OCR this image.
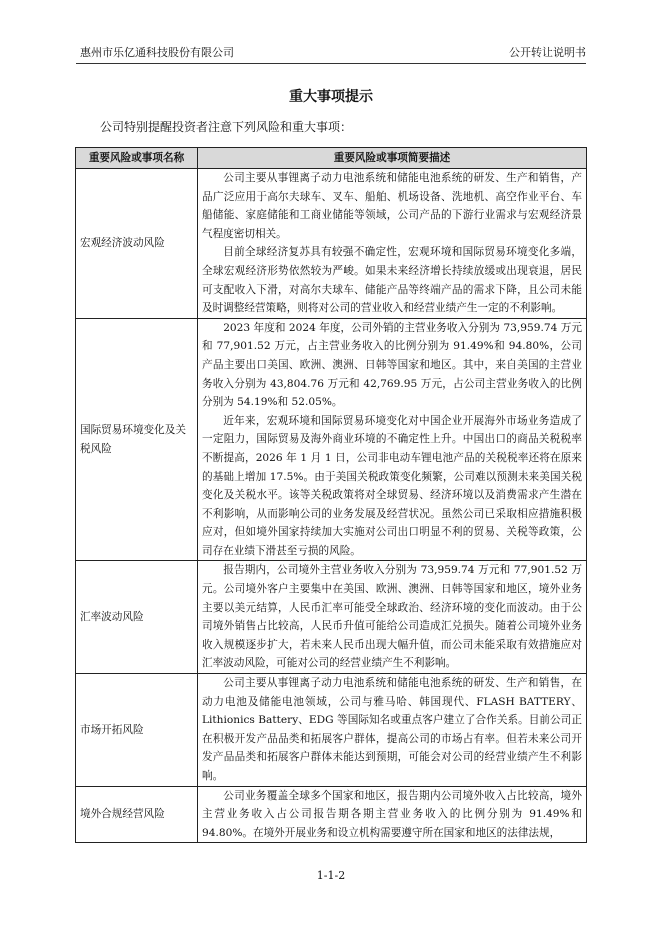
惠州市乐亿通科技股份有限公司	公开转让说明书
重大事项提示
公司特别提醒投资者注意下列风险和重大事项：
重要风险或事项名称	重要风险或事项简要描述
宏观经济波动风险	公司主要从事锂离子动力电池系统和储能电池系统的研发、生产和销售，产品广泛应用于高尔夫球车、叉车、船舶、机场设备、洗地机、高空作业平台、车船储能、家庭储能和工商业储能等领域，公司产品的下游行业需求与宏观经济景气程度密切相关。

目前全球经济复苏具有较强不确定性，宏观环境和国际贸易环境变化多端，全球宏观经济形势依然较为严峻。如果未来经济增长持续放缓或出现衰退，居民可支配收入下滑，对高尔夫球车、储能产品等终端产品的需求下降，且公司未能及时调整经营策略，则将对公司的营业收入和经营业绩产生一定的不利影响。

国际贸易环境变化及关税风险	2023 年度和 2024 年度，公司外销的主营业务收入分别为 73,959.74 万元和 77,901.52 万元，占主营业务收入的比例分别为 91.49%和 94.80%，公司产品主要出口美国、欧洲、澳洲、日韩等国家和地区。其中，来自美国的主营业务收入分别为 43,804.76 万元和 42,769.95 万元，占公司主营业务收入的比例分别为 54.19%和 52.05%。

近年来，宏观环境和国际贸易环境变化对中国企业开展海外市场业务造成了一定阻力，国际贸易及海外商业环境的不确定性上升。中国出口的商品关税税率不断提高，2026 年 1 月 1 日，公司非电动车锂电池产品的关税税率还将在原来的基础上增加 17.5%。由于美国关税政策变化频繁，公司难以预测未来美国关税变化及关税水平。该等关税政策将对全球贸易、经济环境以及消费需求产生潜在不利影响，从而影响公司的业务发展及经营状况。虽然公司已采取相应措施积极应对，但如境外国家持续加大实施对公司出口明显不利的贸易、关税等政策，公司存在业绩下滑甚至亏损的风险。

汇率波动风险	报告期内，公司境外主营业务收入分别为 73,959.74 万元和 77,901.52 万元。公司境外客户主要集中在美国、欧洲、澳洲、日韩等国家和地区，境外业务主要以美元结算，人民币汇率可能受全球政治、经济环境的变化而波动。由于公司境外销售占比较高，人民币升值可能给公司造成汇兑损失。随着公司境外业务收入规模逐步扩大，若未来人民币出现大幅升值，而公司未能采取有效措施应对汇率波动风险，可能对公司的经营业绩产生不利影响。

市场开拓风险	公司主要从事锂离子动力电池系统和储能电池系统的研发、生产和销售，在动力电池及储能电池领域，公司与雅马哈、韩国现代、FLASH BATTERY、Lithionics Battery、EDG 等国际知名或重点客户建立了合作关系。目前公司正在积极开发产品品类和拓展客户群体，提高公司的市场占有率。但若未来公司开发产品品类和拓展客户群体未能达到预期，可能会对公司的经营业绩产生不利影响。

境外合规经营风险	公司业务覆盖全球多个国家和地区，报告期内公司境外收入占比较高，境外主营业务收入占公司报告期各期主营业务收入的比例分别为 91.49%和 94.80%。在境外开展业务和设立机构需要遵守所在国家和地区的法律法规，

1-1-2
